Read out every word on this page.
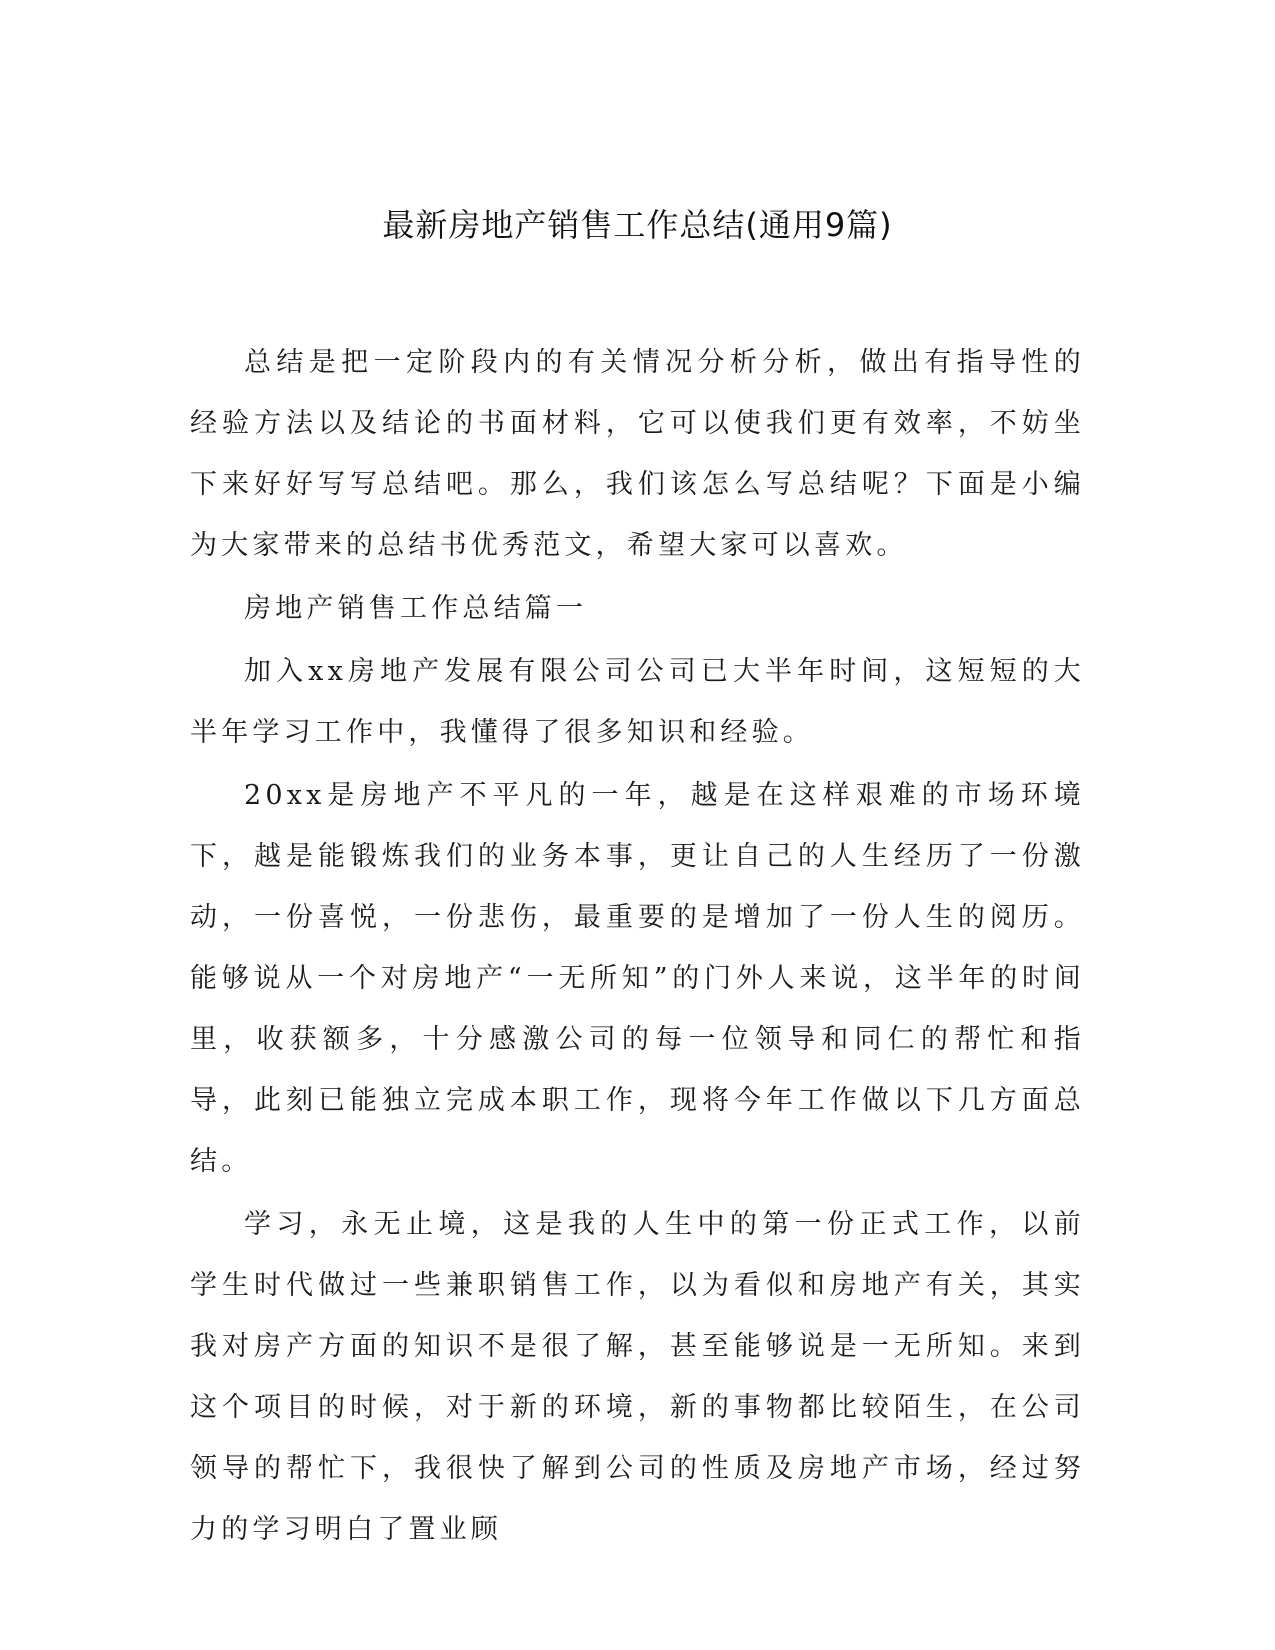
最新房地产销售工作总结(通用9篇)

总结是把一定阶段内的有关情况分析分析，做出有指导性的经验方法以及结论的书面材料，它可以使我们更有效率，不妨坐下来好好写写总结吧。那么，我们该怎么写总结呢？下面是小编为大家带来的总结书优秀范文，希望大家可以喜欢。

房地产销售工作总结篇一

加入xx房地产发展有限公司公司已大半年时间，这短短的大半年学习工作中，我懂得了很多知识和经验。

20xx是房地产不平凡的一年，越是在这样艰难的市场环境下，越是能锻炼我们的业务本事，更让自己的人生经历了一份激动，一份喜悦，一份悲伤，最重要的是增加了一份人生的阅历。能够说从一个对房地产“一无所知”的门外人来说，这半年的时间里，收获额多，十分感激公司的每一位领导和同仁的帮忙和指导，此刻已能独立完成本职工作，现将今年工作做以下几方面总结。

学习，永无止境，这是我的人生中的第一份正式工作，以前学生时代做过一些兼职销售工作，以为看似和房地产有关，其实我对房产方面的知识不是很了解，甚至能够说是一无所知。来到这个项目的时候，对于新的环境，新的事物都比较陌生，在公司领导的帮忙下，我很快了解到公司的性质及房地产市场，经过努力的学习明白了置业顾
